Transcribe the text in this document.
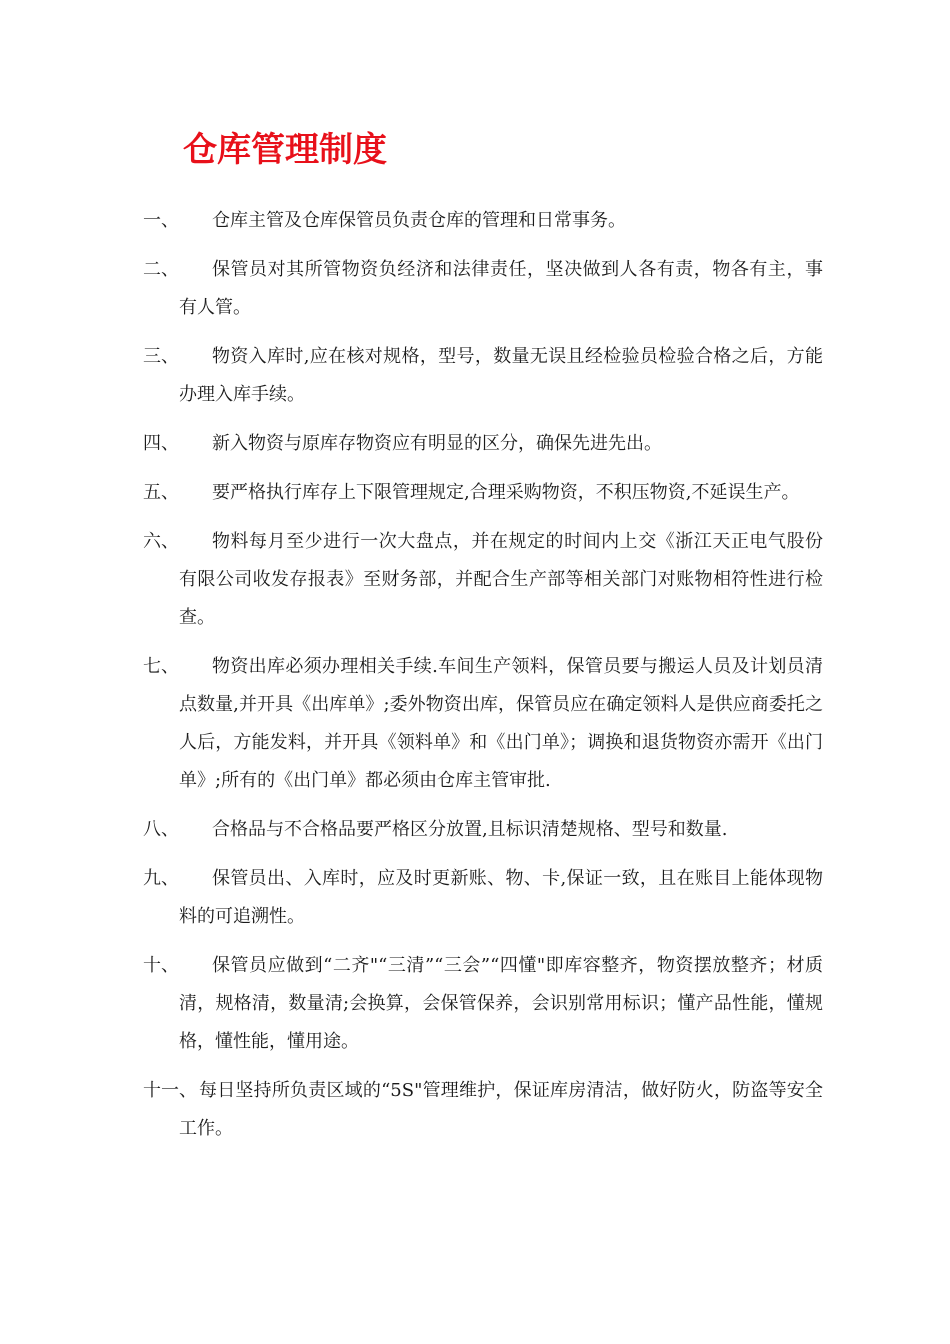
仓库管理制度
一、	仓库主管及仓库保管员负责仓库的管理和日常事务。
二、	保管员对其所管物资负经济和法律责任，坚决做到人各有责，物各有主，事有人管。
三、	物资入库时,应在核对规格，型号，数量无误且经检验员检验合格之后，方能办理入库手续。
四、	新入物资与原库存物资应有明显的区分，确保先进先出。
五、	要严格执行库存上下限管理规定,合理采购物资，不积压物资,不延误生产。
六、	物料每月至少进行一次大盘点，并在规定的时间内上交《浙江天正电气股份有限公司收发存报表》至财务部，并配合生产部等相关部门对账物相符性进行检查。
七、	物资出库必须办理相关手续.车间生产领料，保管员要与搬运人员及计划员清点数量,并开具《出库单》;委外物资出库，保管员应在确定领料人是供应商委托之人后，方能发料，并开具《领料单》和《出门单》；调换和退货物资亦需开《出门单》;所有的《出门单》都必须由仓库主管审批.
八、	合格品与不合格品要严格区分放置,且标识清楚规格、型号和数量.
九、	保管员出、入库时，应及时更新账、物、卡,保证一致，且在账目上能体现物料的可追溯性。
十、	保管员应做到“二齐"“三清”“三会”“四懂"即库容整齐，物资摆放整齐；材质清，规格清，数量清;会换算，会保管保养，会识别常用标识；懂产品性能，懂规格，懂性能，懂用途。
十一、 每日坚持所负责区域的“5S"管理维护，保证库房清洁，做好防火，防盗等安全工作。
